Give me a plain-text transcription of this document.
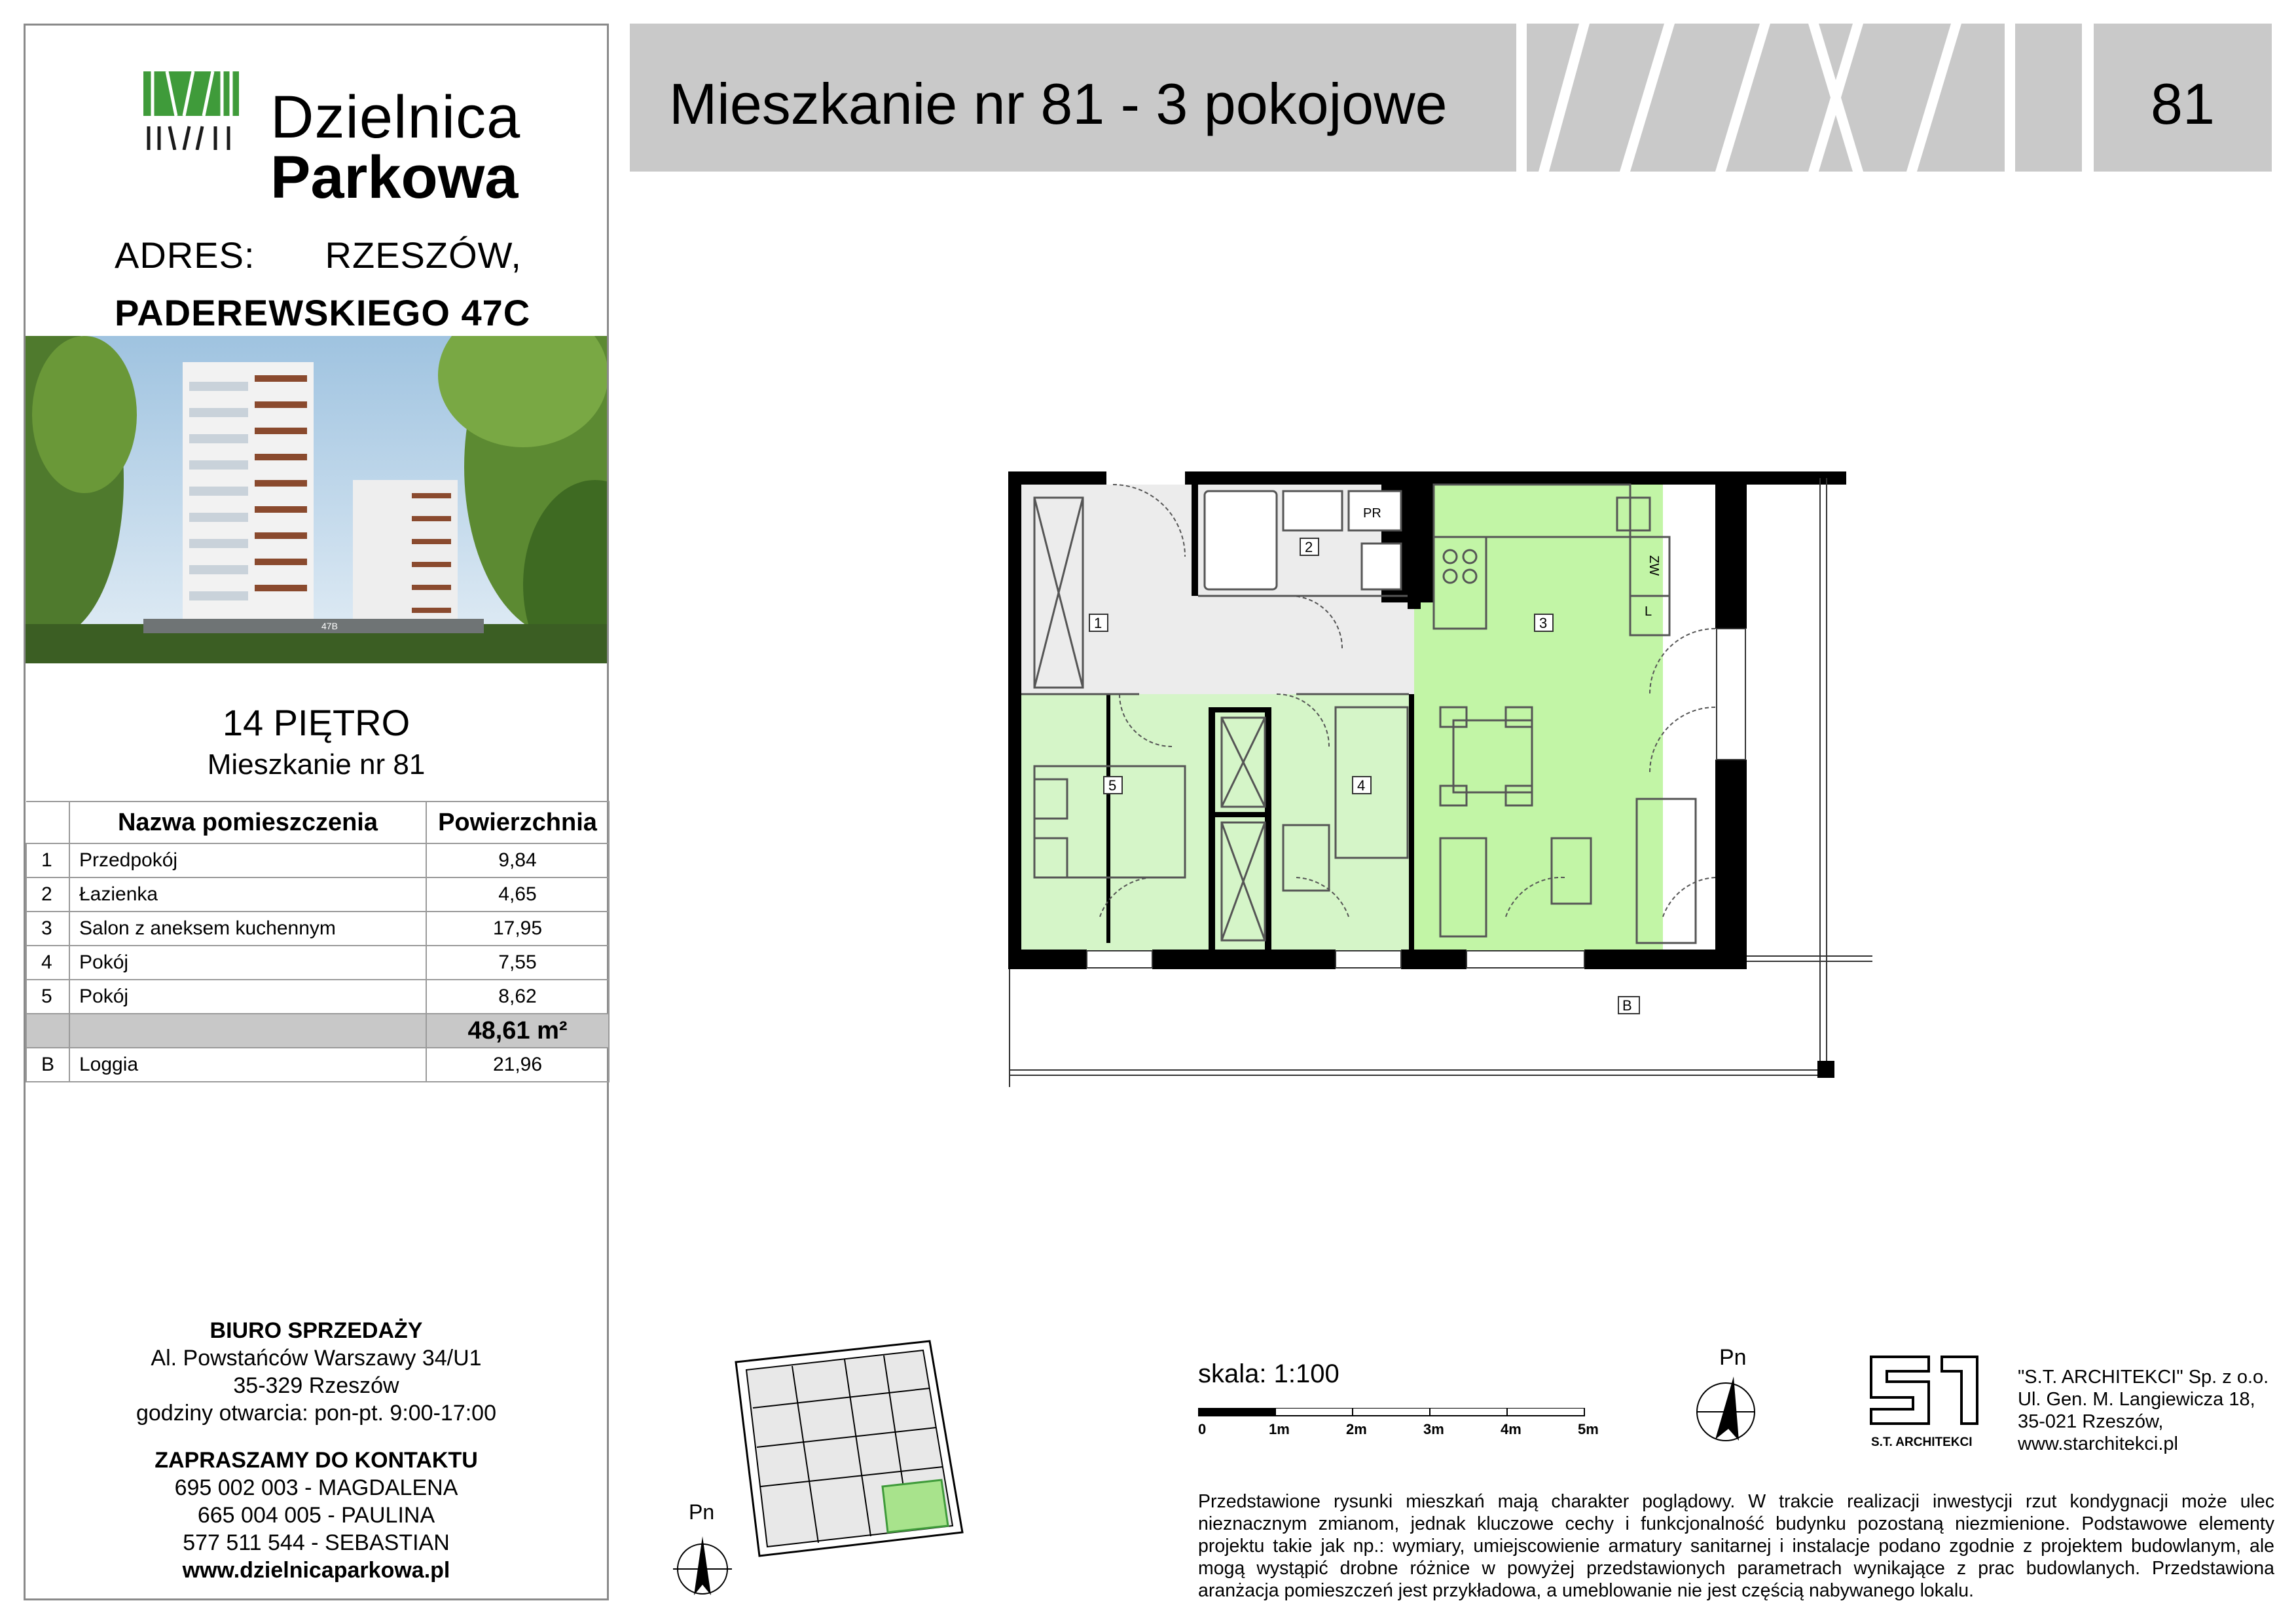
Dzielnica
Parkowa
ADRES: RZESZÓW,
PADEREWSKIEGO 47C
47B
14 PIĘTRO
Mieszkanie nr 81
	Nazwa pomieszczenia	Powierzchnia
1	Przedpokój	9,84
2	Łazienka	4,65
3	Salon z aneksem kuchennym	17,95
4	Pokój	7,55
5	Pokój	8,62
		48,61 m²
B	Loggia	21,96
BIURO SPRZEDAŻY
Al. Powstańców Warszawy 34/U1
35-329 Rzeszów
godziny otwarcia: pon-pt. 9:00-17:00
ZAPRASZAMY DO KONTAKTU
695 002 003 - MAGDALENA
665 004 005 - PAULINA
577 511 544 - SEBASTIAN
www.dzielnicaparkowa.pl
Mieszkanie nr 81 - 3 pokojowe	81
PR
ZW
L
1
2
3
4
5
B
Pn
skala: 1:100
0	1m	2m	3m	4m	5m
Pn
S.T. ARCHITEKCI
"S.T. ARCHITEKCI" Sp. z o.o.
Ul. Gen. M. Langiewicza 18,
35-021 Rzeszów,
www.starchitekci.pl
Przedstawione rysunki mieszkań mają charakter poglądowy. W trakcie realizacji inwestycji rzut kondygnacji może ulec nieznacznym zmianom, jednak kluczowe cechy i funkcjonalność budynku pozostaną niezmienione. Podstawowe elementy projektu takie jak np.: wymiary, umiejscowienie armatury sanitarnej i instalacje podano zgodnie z projektem budowlanym, ale mogą wystąpić drobne różnice w powyżej przedstawionych parametrach wynikające z prac budowlanych. Przedstawiona aranżacja pomieszczeń jest przykładowa, a umeblowanie nie jest częścią nabywanego lokalu.
